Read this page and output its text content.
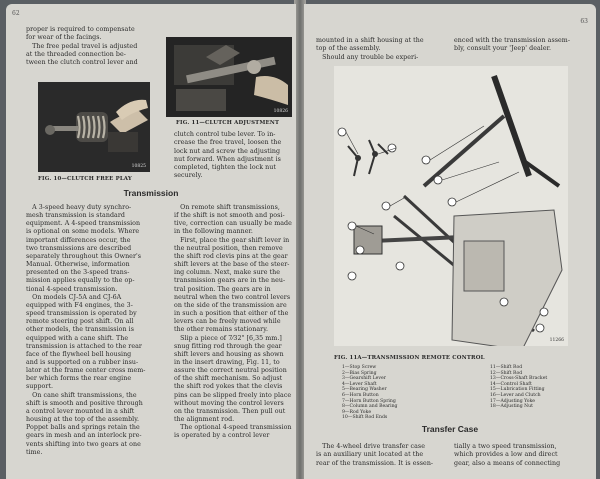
62
proper is required to compensate
for wear of the facings.
The free pedal travel is adjusted
at the threaded connection be-
tween the clutch control lever and
10825
FIG. 10—CLUTCH FREE PLAY
10826
FIG. 11—CLUTCH ADJUSTMENT
clutch control tube lever. To in-
crease the free travel, loosen the
lock nut and screw the adjusting
nut forward. When adjustment is
completed, tighten the lock nut
securely.
Transmission
A 3-speed heavy duty synchro-
mesh transmission is standard
equipment. A 4-speed transmission
is optional on some models. Where
important differences occur, the
two transmissions are described
separately throughout this Owner's
Manual. Otherwise, information
presented on the 3-speed trans-
mission applies equally to the op-
tional 4-speed transmission.
On models CJ-5A and CJ-6A
equipped with F4 engines, the 3-
speed transmission is operated by
remote steering post shift. On all
other models, the transmission is
equipped with a cane shift. The
transmission is attached to the rear
face of the flywheel bell housing
and is supported on a rubber insu-
lator at the frame center cross mem-
ber which forms the rear engine
support.
On cane shift transmissions, the
shift is smooth and positive through
a control lever mounted in a shift
housing at the top of the assembly.
Poppet balls and springs retain the
gears in mesh and an interlock pre-
vents shifting into two gears at one
time.
On remote shift transmissions,
if the shift is not smooth and posi-
tive, correction can usually be made
in the following manner.
First, place the gear shift lever in
the neutral position, then remove
the shift rod clevis pins at the gear
shift levers at the base of the steer-
ing column. Next, make sure the
transmission gears are in the neu-
tral position. The gears are in
neutral when the two control levers
on the side of the transmission are
in such a position that either of the
levers can be freely moved while
the other remains stationary.
Slip a piece of 7⁄32" [6,35 mm.]
snug fitting rod through the gear
shift levers and housing as shown
in the insert drawing, Fig. 11, to
assure the correct neutral position
of the shift mechanism. So adjust
the shift rod yokes that the clevis
pins can be slipped freely into place
without moving the control levers
on the transmission. Then pull out
the alignment rod.
The optional 4-speed transmission
is operated by a control lever
63
mounted in a shift housing at the
top of the assembly.
Should any trouble be experi-
enced with the transmission assem-
bly, consult your 'Jeep' dealer.
11266
FIG. 11A—TRANSMISSION REMOTE CONTROL
1—Stop Screw
2—Bias Spring
3—Gearshift Lever
4—Lever Shaft
5—Bearing Washer
6—Horn Button
7—Horn Button Spring
8—Column and Bearing
9—Rod Yoke
10—Shift Rod Ends
11—Shift Rod
12—Shift Rod
13—Cross-Shaft Bracket
14—Control Shaft
15—Lubrication Fitting
16—Lever and Clutch
17—Adjusting Yoke
18—Adjusting Nut
Transfer Case
The 4-wheel drive transfer case
is an auxiliary unit located at the
rear of the transmission. It is essen-
tially a two speed transmission,
which provides a low and direct
gear, also a means of connecting
